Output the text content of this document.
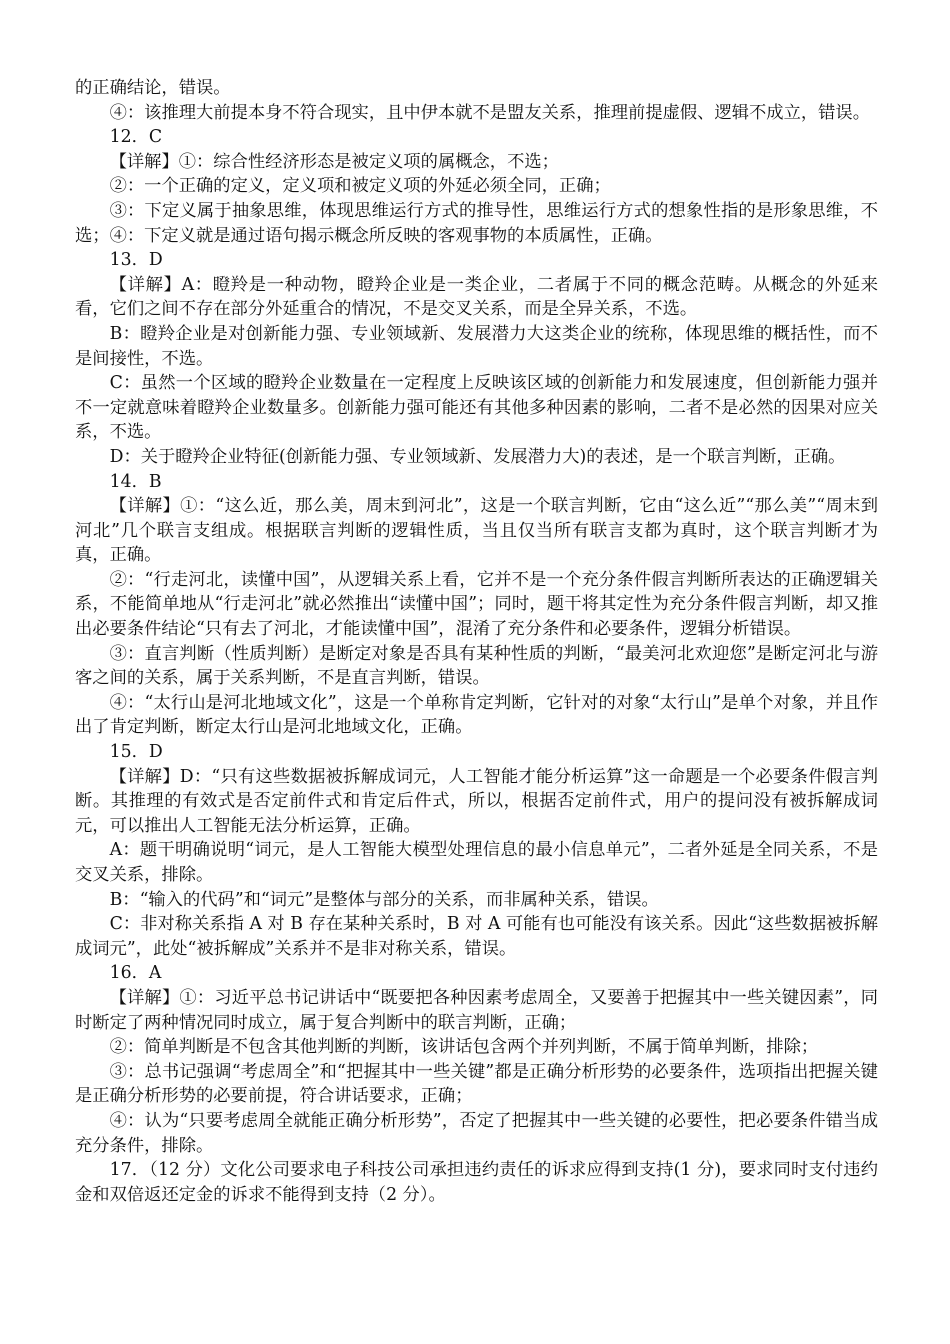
的正确结论，错误。

④：该推理大前提本身不符合现实，且中伊本就不是盟友关系，推理前提虚假、逻辑不成立，错误。

12．C

【详解】①：综合性经济形态是被定义项的属概念，不选；

②：一个正确的定义，定义项和被定义项的外延必须全同，正确；

③：下定义属于抽象思维，体现思维运行方式的推导性，思维运行方式的想象性指的是形象思维，不选；④：下定义就是通过语句揭示概念所反映的客观事物的本质属性，正确。

13．D

【详解】A：瞪羚是一种动物，瞪羚企业是一类企业，二者属于不同的概念范畴。从概念的外延来看，它们之间不存在部分外延重合的情况，不是交叉关系，而是全异关系，不选。

B：瞪羚企业是对创新能力强、专业领域新、发展潜力大这类企业的统称，体现思维的概括性，而不是间接性，不选。

C：虽然一个区域的瞪羚企业数量在一定程度上反映该区域的创新能力和发展速度，但创新能力强并不一定就意味着瞪羚企业数量多。创新能力强可能还有其他多种因素的影响，二者不是必然的因果对应关系，不选。

D：关于瞪羚企业特征(创新能力强、专业领域新、发展潜力大)的表述，是一个联言判断，正确。

14．B

【详解】①：“这么近，那么美，周末到河北”，这是一个联言判断，它由“这么近”“那么美”“周末到河北”几个联言支组成。根据联言判断的逻辑性质，当且仅当所有联言支都为真时，这个联言判断才为真，正确。

②：“行走河北，读懂中国”，从逻辑关系上看，它并不是一个充分条件假言判断所表达的正确逻辑关系，不能简单地从“行走河北”就必然推出“读懂中国”；同时，题干将其定性为充分条件假言判断，却又推出必要条件结论“只有去了河北，才能读懂中国”，混淆了充分条件和必要条件，逻辑分析错误。

③：直言判断（性质判断）是断定对象是否具有某种性质的判断，“最美河北欢迎您”是断定河北与游客之间的关系，属于关系判断，不是直言判断，错误。

④：“太行山是河北地域文化”，这是一个单称肯定判断，它针对的对象“太行山”是单个对象，并且作出了肯定判断，断定太行山是河北地域文化，正确。

15．D

【详解】D：“只有这些数据被拆解成词元，人工智能才能分析运算”这一命题是一个必要条件假言判断。其推理的有效式是否定前件式和肯定后件式，所以，根据否定前件式，用户的提问没有被拆解成词元，可以推出人工智能无法分析运算，正确。

A：题干明确说明“词元，是人工智能大模型处理信息的最小信息单元”，二者外延是全同关系，不是交叉关系，排除。

B：“输入的代码”和“词元”是整体与部分的关系，而非属种关系，错误。

C：非对称关系指 A 对 B 存在某种关系时，B 对 A 可能有也可能没有该关系。因此“这些数据被拆解成词元”，此处“被拆解成”关系并不是非对称关系，错误。

16．A

【详解】①：习近平总书记讲话中“既要把各种因素考虑周全，又要善于把握其中一些关键因素”，同时断定了两种情况同时成立，属于复合判断中的联言判断，正确；

②：简单判断是不包含其他判断的判断，该讲话包含两个并列判断，不属于简单判断，排除；

③：总书记强调“考虑周全”和“把握其中一些关键”都是正确分析形势的必要条件，选项指出把握关键是正确分析形势的必要前提，符合讲话要求，正确；

④：认为“只要考虑周全就能正确分析形势”，否定了把握其中一些关键的必要性，把必要条件错当成充分条件，排除。

17．（12 分）文化公司要求电子科技公司承担违约责任的诉求应得到支持(1 分)，要求同时支付违约金和双倍返还定金的诉求不能得到支持（2 分）。
